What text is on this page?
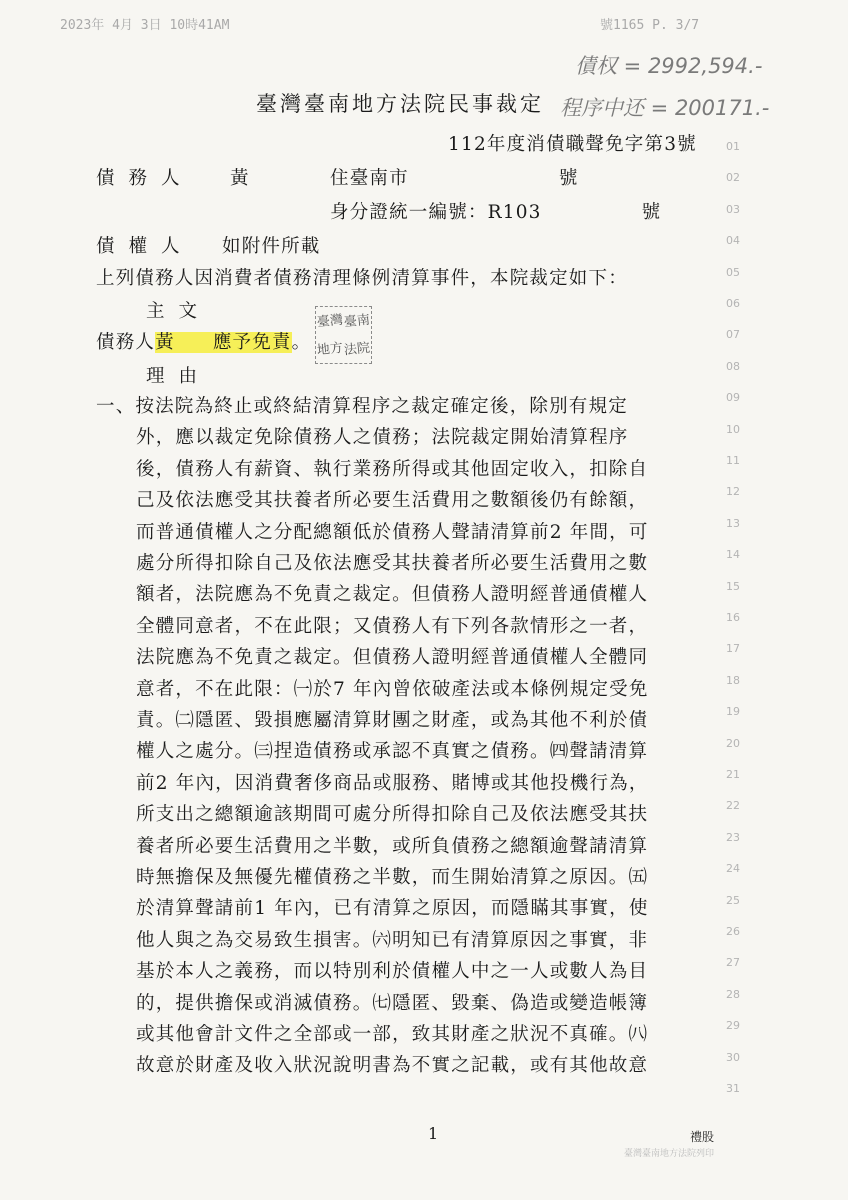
2023年 4月 3日 10時41AM	號1165 P. 3/7
債权 = 2992,594.-
程序中还 = 200171.-
臺灣臺南地方法院民事裁定
112年度消債職聲免字第3號
債務人 黃	住臺南市	號
身分證統一編號：R103	號
債權人 如附件所載
上列債務人因消費者債務清理條例清算事件，本院裁定如下：
主文
債務人黃 應予免責。
臺灣 臺南
地方 法院
理由
一、按法院為終止或終結清算程序之裁定確定後，除別有規定
外，應以裁定免除債務人之債務；法院裁定開始清算程序
後，債務人有薪資、執行業務所得或其他固定收入，扣除自
己及依法應受其扶養者所必要生活費用之數額後仍有餘額，
而普通債權人之分配總額低於債務人聲請清算前2 年間，可
處分所得扣除自己及依法應受其扶養者所必要生活費用之數
額者，法院應為不免責之裁定。但債務人證明經普通債權人
全體同意者，不在此限；又債務人有下列各款情形之一者，
法院應為不免責之裁定。但債務人證明經普通債權人全體同
意者，不在此限：㈠於7 年內曾依破產法或本條例規定受免
責。㈡隱匿、毀損應屬清算財團之財產，或為其他不利於債
權人之處分。㈢捏造債務或承認不真實之債務。㈣聲請清算
前2 年內，因消費奢侈商品或服務、賭博或其他投機行為，
所支出之總額逾該期間可處分所得扣除自己及依法應受其扶
養者所必要生活費用之半數，或所負債務之總額逾聲請清算
時無擔保及無優先權債務之半數，而生開始清算之原因。㈤
於清算聲請前1 年內，已有清算之原因，而隱瞞其事實，使
他人與之為交易致生損害。㈥明知已有清算原因之事實，非
基於本人之義務，而以特別利於債權人中之一人或數人為目
的，提供擔保或消滅債務。㈦隱匿、毀棄、偽造或變造帳簿
或其他會計文件之全部或一部，致其財產之狀況不真確。㈧
故意於財產及收入狀況說明書為不實之記載，或有其他故意
01
02
03
04
05
06
07
08
09
10
11
12
13
14
15
16
17
18
19
20
21
22
23
24
25
26
27
28
29
30
31
1	禮股
臺灣臺南地方法院列印
